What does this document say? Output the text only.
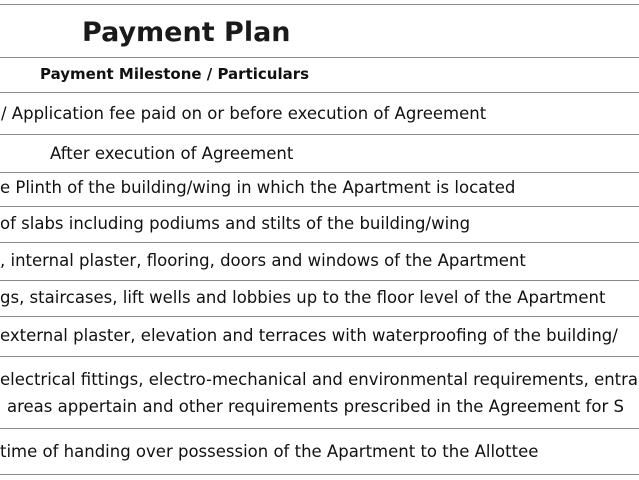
Payment Plan
Payment Milestone / Particulars
/ Application fee paid on or before execution of Agreement
After execution of Agreement
e Plinth of the building/wing in which the Apartment is located
of slabs including podiums and stilts of the building/wing
, internal plaster, flooring, doors and windows of the Apartment
gs, staircases, lift wells and lobbies up to the floor level of the Apartment
external plaster, elevation and terraces with waterproofing of the building/
electrical fittings, electro-mechanical and environmental requirements, entra
areas appertain and other requirements prescribed in the Agreement for S
time of handing over possession of the Apartment to the Allottee
